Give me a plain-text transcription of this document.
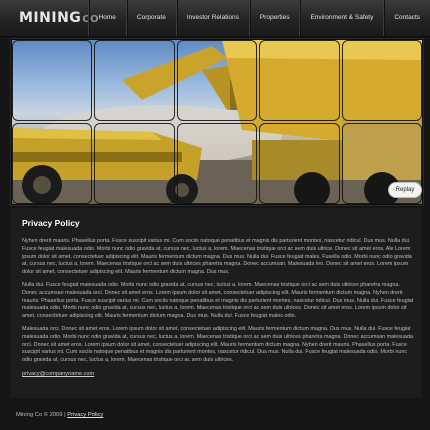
MININGCO Home	Corporate	Investor Relations	Properties	Environment & Safety	Contacts
Replay
Privacy Policy
Nyhen drerit mauris. Phasellus porta. Fusce suscipit varius mi. Cum sociis natoque penatibus et magnis dis parturient montes, nascetur ridicul. Dus mus. Nulla dui. Fusce feugiat malesuada odio. Morbi nunc odio gravida at, cursus nec, luctus a, lorem. Maecenas tristique orci ac sem duis ultrice. Donec sit amet eros. Ale Lorem ipsum dolor sit amet, consectetuer adipiscing elit. Mauris fermentum dictum magna. Dus mus. Nulla dui. Fusce feugiat males. Fusella odio. Morbi nunc odio gravida at, cursus nec, luctus a, lorem. Maecenas tristique orci ac sem duis ultrices pharetra magna. Donec accumsan. Malesuada leo. Donec sit amet eros. Lorem ipsum dolor sit amet, consectetuer adipiscing elit. Mauris fermentum dictum magna. Dus mus.
Nulla dui. Fusce feugiat malesuada odio. Morbi nunc odio gravida at, cursus nec, luctus a, lorem. Maecenas tristique orci ac sem duis ultrices pharetra magna. Donec accumsan malesuada orci. Donec sit amet eros. Lorem ipsum dolor sit amet, consectetuer adipiscing elit. Mauris fermentum dictum magna. Nyhen drerit mauris. Phasellus porta. Fusce suscipit varius mi. Cum sociis natoque penatibus et magnis dis parturient montes, nascetur ridicul. Dus mus. Nulla dui. Fusce feugiat malesuada odio. Morbi nunc odio gravida at, cursus nec, luctus a, lorem. Maecenas tristique orci ac sem duis ultrices. Donec sit amet eros. Lorem ipsum dolor sit amet, consectetuer adipiscing elit. Mauris fermentum dictum magna. Dus mus. Nulla dui. Fusce feugiat males odio.
Malesuada orci. Donec sit amet eros. Lorem ipsum dolor sit amet, consectetuer adipiscing elit. Mauris fermentum dictum magna. Dus mus. Nulla dui. Fusce feugiat malesuada odio. Morbi nunc odio gravida at, cursus nec, luctus a, lorem. Maecenas tristique orci ac sem duis ultrices pharetra magna. Donec accumsan malesuada orci. Donec sit amet eros. Lorem ipsum dolor sit amet, consectetuer adipiscing elit. Mauris fermentum dictum magna. Nyhen drerit mauris. Phasellus porta. Fusce suscipit varius mi. Cum sociis natoque penatibus et magnis dis parturient montes, nascetur ridicul. Dus mus. Nulla dui. Fusce feugiat malesuada odio. Morbi nunc odio gravida at, cursus nec, luctus a, lorem. Maecenas tristique orci ac sem duis ultrices.
privacy@companyname.com
Mining Co © 2009 | Privacy Policy
